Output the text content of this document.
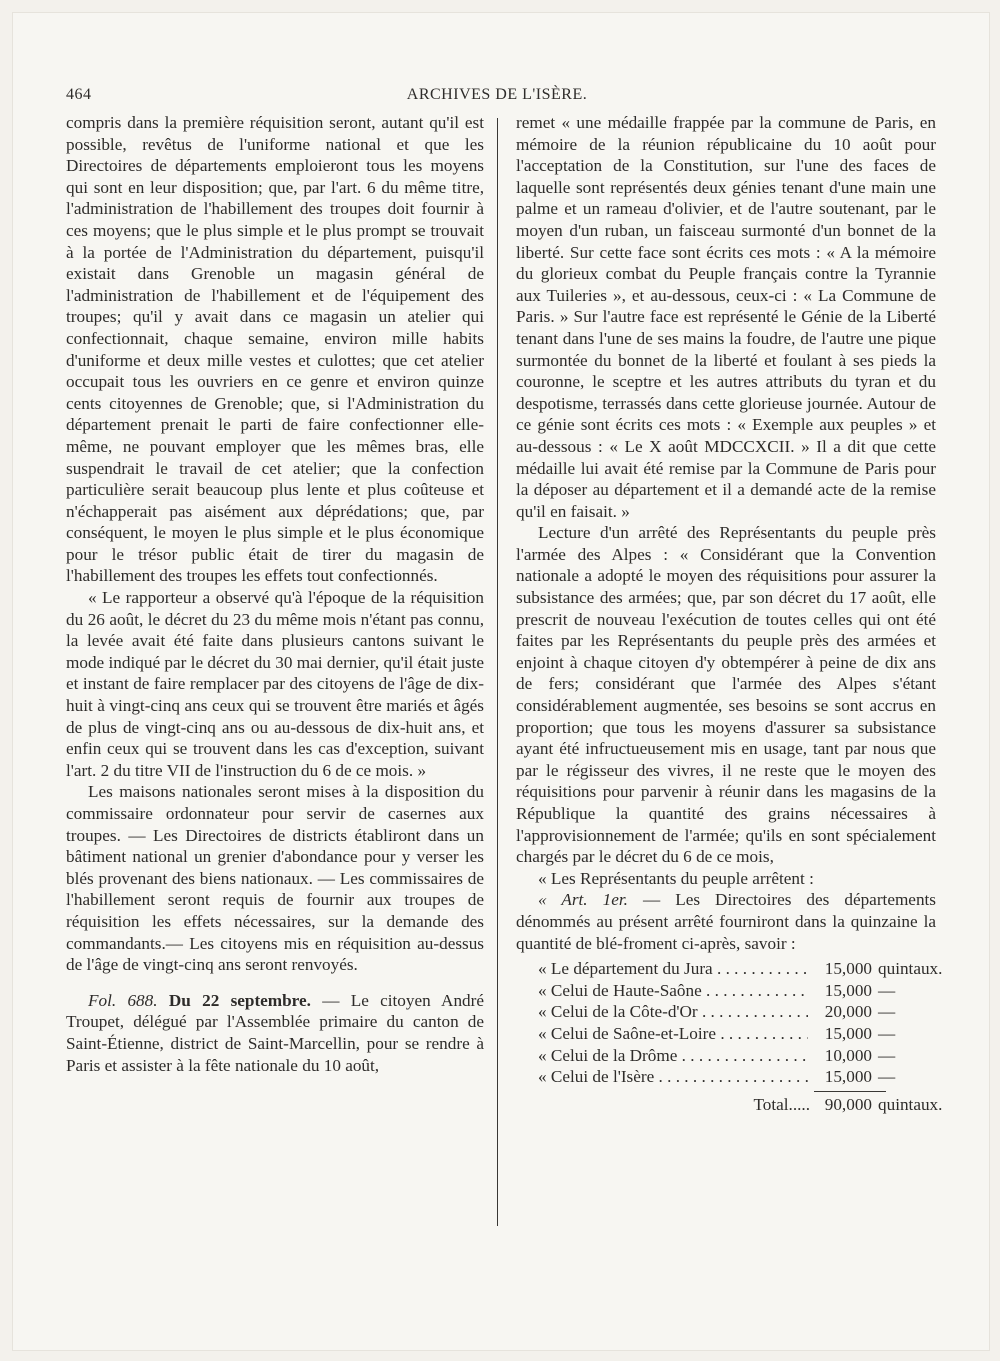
464	ARCHIVES DE L'ISÈRE.

compris dans la première réquisition seront, autant qu'il est possible, revêtus de l'uniforme national et que les Directoires de départements emploieront tous les moyens qui sont en leur disposition; que, par l'art. 6 du même titre, l'administration de l'habillement des troupes doit fournir à ces moyens; que le plus simple et le plus prompt se trouvait à la portée de l'Administration du département, puisqu'il existait dans Grenoble un magasin général de l'administration de l'habillement et de l'équipement des troupes; qu'il y avait dans ce magasin un atelier qui confectionnait, chaque semaine, environ mille habits d'uniforme et deux mille vestes et culottes; que cet atelier occupait tous les ouvriers en ce genre et environ quinze cents citoyennes de Grenoble; que, si l'Administration du département prenait le parti de faire confectionner elle-même, ne pouvant employer que les mêmes bras, elle suspendrait le travail de cet atelier; que la confection particulière serait beaucoup plus lente et plus coûteuse et n'échapperait pas aisément aux déprédations; que, par conséquent, le moyen le plus simple et le plus économique pour le trésor public était de tirer du magasin de l'habillement des troupes les effets tout confectionnés.

« Le rapporteur a observé qu'à l'époque de la réquisition du 26 août, le décret du 23 du même mois n'étant pas connu, la levée avait été faite dans plusieurs cantons suivant le mode indiqué par le décret du 30 mai dernier, qu'il était juste et instant de faire remplacer par des citoyens de l'âge de dix-huit à vingt-cinq ans ceux qui se trouvent être mariés et âgés de plus de vingt-cinq ans ou au-dessous de dix-huit ans, et enfin ceux qui se trouvent dans les cas d'exception, suivant l'art. 2 du titre VII de l'instruction du 6 de ce mois. »

Les maisons nationales seront mises à la disposition du commissaire ordonnateur pour servir de casernes aux troupes. — Les Directoires de districts établiront dans un bâtiment national un grenier d'abondance pour y verser les blés provenant des biens nationaux. — Les commissaires de l'habillement seront requis de fournir aux troupes de réquisition les effets nécessaires, sur la demande des commandants.— Les citoyens mis en réquisition au-dessus de l'âge de vingt-cinq ans seront renvoyés.

Fol. 688. Du 22 septembre. — Le citoyen André Troupet, délégué par l'Assemblée primaire du canton de Saint-Étienne, district de Saint-Marcellin, pour se rendre à Paris et assister à la fête nationale du 10 août,

remet « une médaille frappée par la commune de Paris, en mémoire de la réunion républicaine du 10 août pour l'acceptation de la Constitution, sur l'une des faces de laquelle sont représentés deux génies tenant d'une main une palme et un rameau d'olivier, et de l'autre soutenant, par le moyen d'un ruban, un faisceau surmonté d'un bonnet de la liberté. Sur cette face sont écrits ces mots : « A la mémoire du glorieux combat du Peuple français contre la Tyrannie aux Tuileries », et au-dessous, ceux-ci : « La Commune de Paris. » Sur l'autre face est représenté le Génie de la Liberté tenant dans l'une de ses mains la foudre, de l'autre une pique surmontée du bonnet de la liberté et foulant à ses pieds la couronne, le sceptre et les autres attributs du tyran et du despotisme, terrassés dans cette glorieuse journée. Autour de ce génie sont écrits ces mots : « Exemple aux peuples » et au-dessous : « Le X août MDCCXCII. » Il a dit que cette médaille lui avait été remise par la Commune de Paris pour la déposer au département et il a demandé acte de la remise qu'il en faisait. »

Lecture d'un arrêté des Représentants du peuple près l'armée des Alpes : « Considérant que la Convention nationale a adopté le moyen des réquisitions pour assurer la subsistance des armées; que, par son décret du 17 août, elle prescrit de nouveau l'exécution de toutes celles qui ont été faites par les Représentants du peuple près des armées et enjoint à chaque citoyen d'y obtempérer à peine de dix ans de fers; considérant que l'armée des Alpes s'étant considérablement augmentée, ses besoins se sont accrus en proportion; que tous les moyens d'assurer sa subsistance ayant été infructueusement mis en usage, tant par nous que par le régisseur des vivres, il ne reste que le moyen des réquisitions pour parvenir à réunir dans les magasins de la République la quantité des grains nécessaires à l'approvisionnement de l'armée; qu'ils en sont spécialement chargés par le décret du 6 de ce mois,

« Les Représentants du peuple arrêtent :

« Art. 1er. — Les Directoires des départements dénommés au présent arrêté fourniront dans la quinzaine la quantité de blé-froment ci-après, savoir :

« Le département du Jura . . .	15,000 quintaux.
« Celui de Haute-Saône . . .	15,000 —
« Celui de la Côte-d'Or . . .	20,000 —
« Celui de Saône-et-Loire . . .	15,000 —
« Celui de la Drôme . . .	10,000 —
« Celui de l'Isère . . .	15,000 —
Total..... 90,000 quintaux.
